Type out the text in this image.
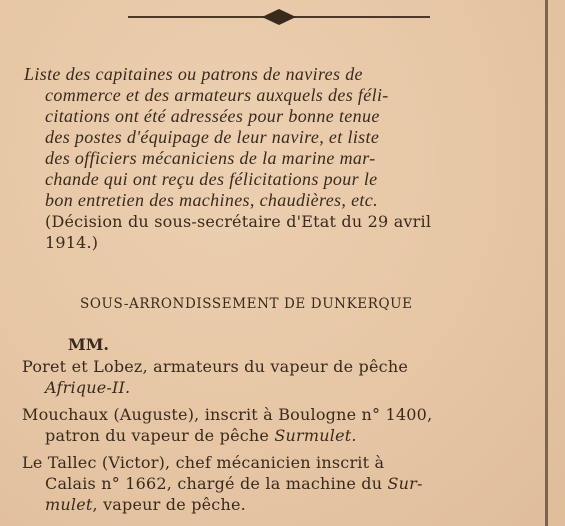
Liste des capitaines ou patrons de navires de
commerce et des armateurs auxquels des féli-
citations ont été adressées pour bonne tenue
des postes d'équipage de leur navire, et liste
des officiers mécaniciens de la marine mar-
chande qui ont reçu des félicitations pour le
bon entretien des machines, chaudières, etc.
(Décision du sous-secrétaire d'Etat du 29 avril
1914.)

SOUS-ARRONDISSEMENT DE DUNKERQUE
MM.

Poret et Lobez, armateurs du vapeur de pêche
Afrique-II.

Mouchaux (Auguste), inscrit à Boulogne n° 1400,
patron du vapeur de pêche Surmulet.

Le Tallec (Victor), chef mécanicien inscrit à
Calais n° 1662, chargé de la machine du Sur-
mulet, vapeur de pêche.
